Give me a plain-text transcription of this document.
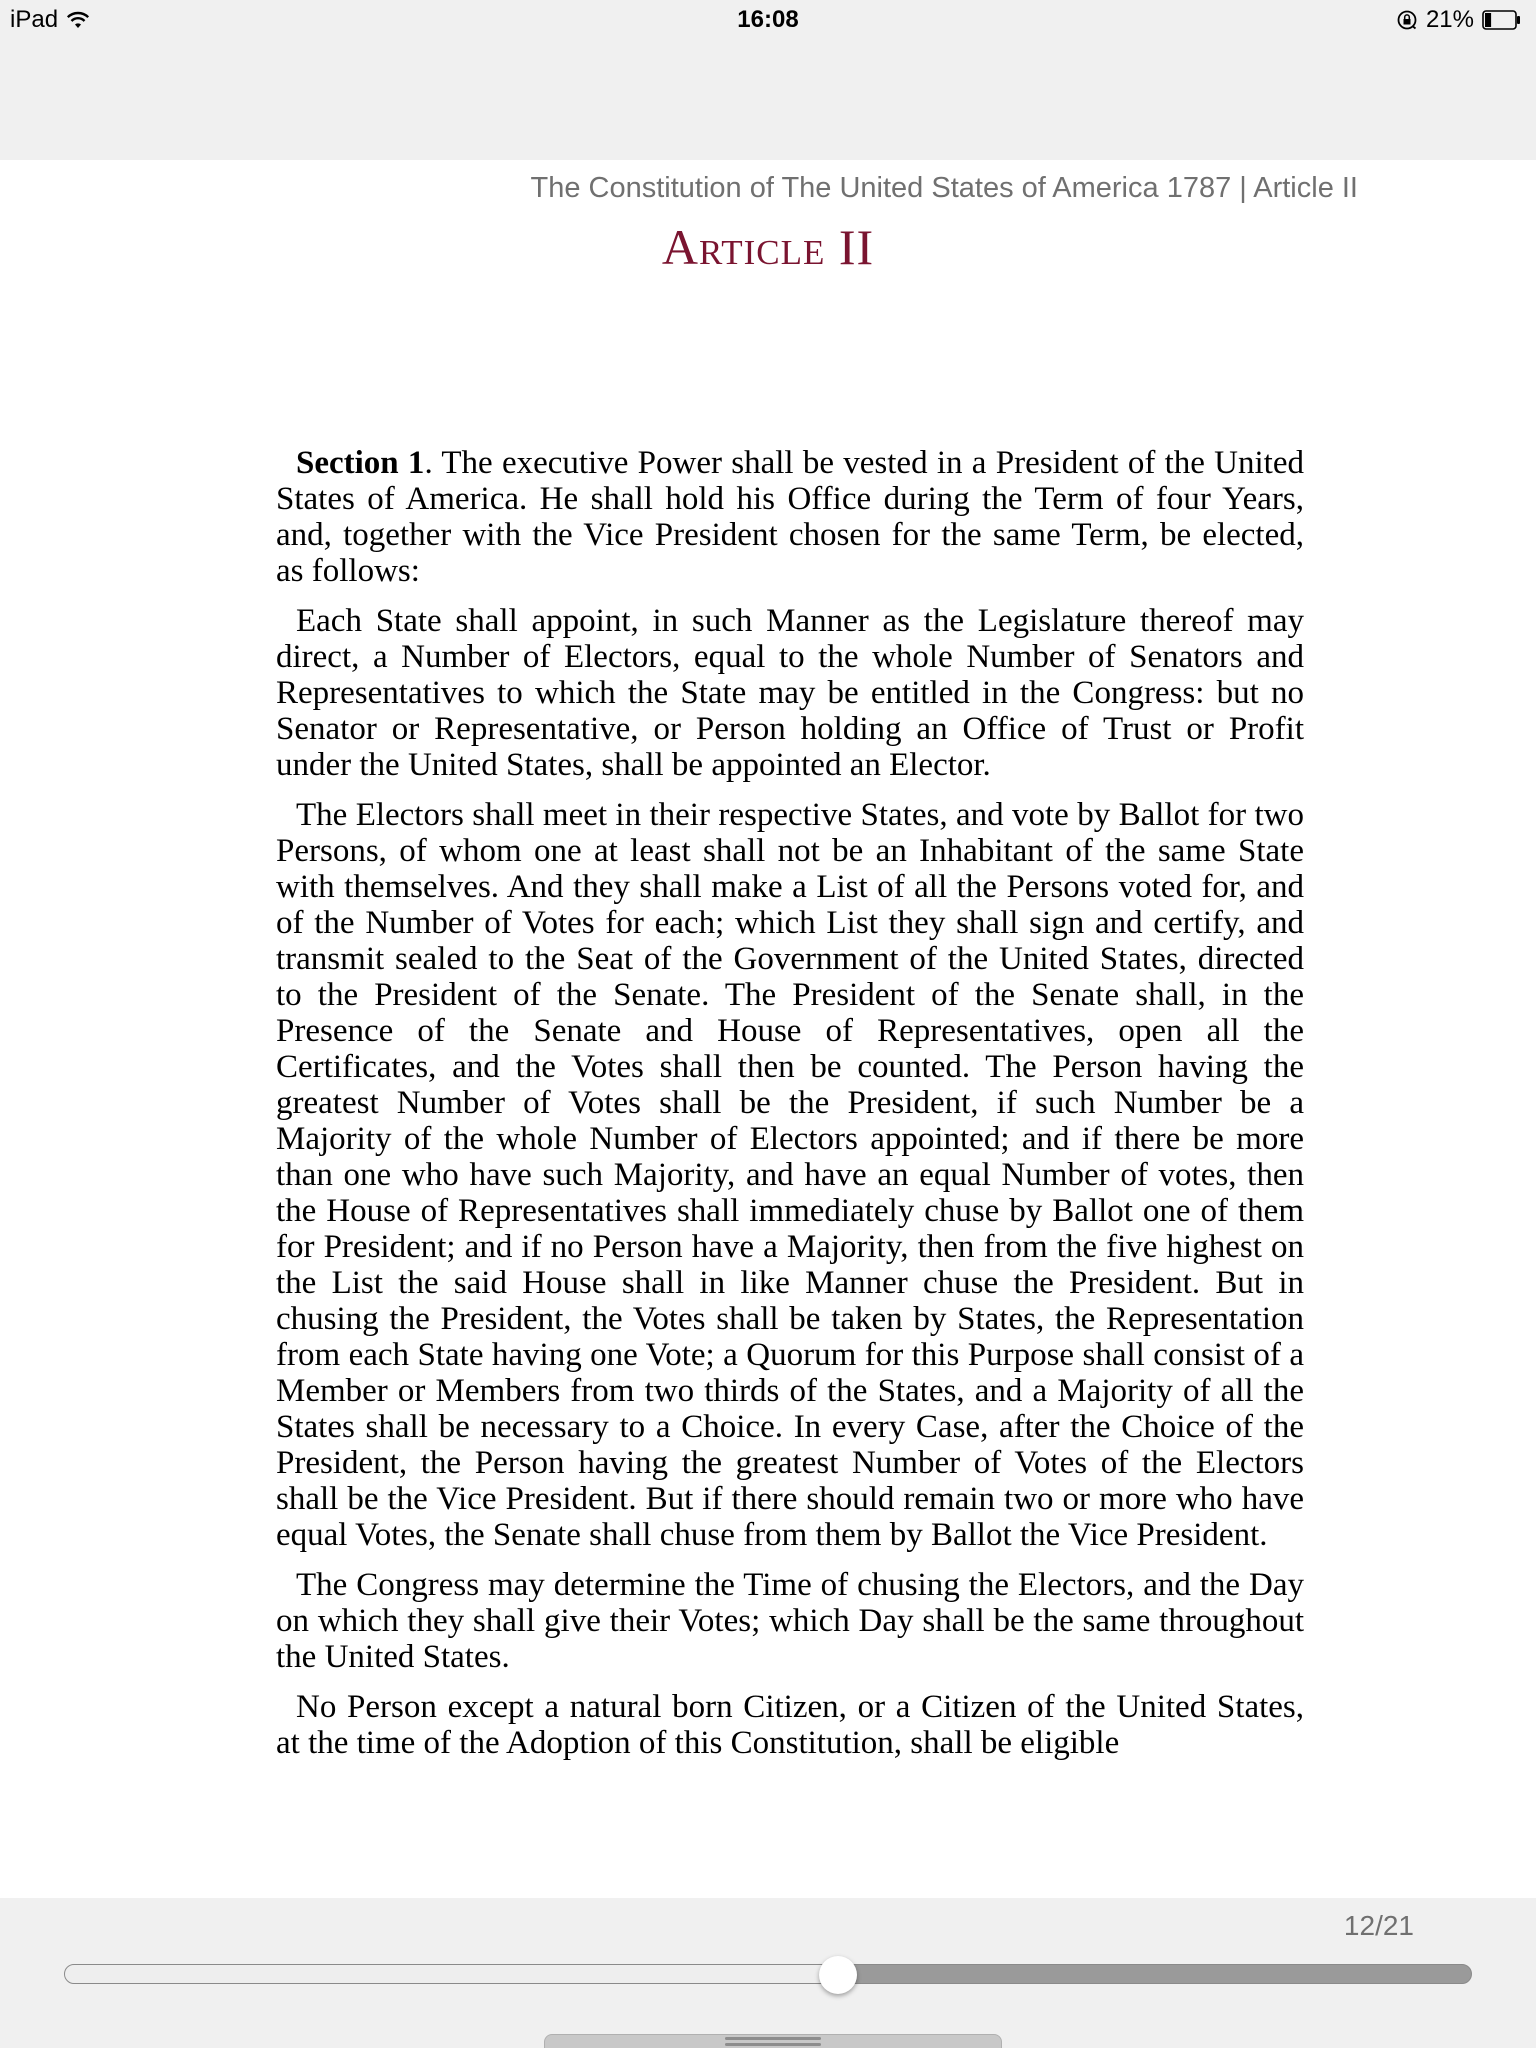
iPad	16:08	21%
The Constitution of The United States of America 1787 | Article II
Article II

Section 1. The executive Power shall be vested in a President of the United States of America. He shall hold his Office during the Term of four Years, and, together with the Vice President chosen for the same Term, be elected, as follows:

Each State shall appoint, in such Manner as the Legislature thereof may direct, a Number of Electors, equal to the whole Number of Senators and Representatives to which the State may be entitled in the Congress: but no Senator or Representative, or Person holding an Office of Trust or Profit under the United States, shall be appointed an Elector.

The Electors shall meet in their respective States, and vote by Ballot for two Persons, of whom one at least shall not be an Inhabitant of the same State with themselves. And they shall make a List of all the Persons voted for, and of the Number of Votes for each; which List they shall sign and certify, and transmit sealed to the Seat of the Government of the United States, directed to the President of the Senate. The President of the Senate shall, in the Presence of the Senate and House of Representatives, open all the Certificates, and the Votes shall then be counted. The Person having the greatest Number of Votes shall be the President, if such Number be a Majority of the whole Number of Electors appointed; and if there be more than one who have such Majority, and have an equal Number of votes, then the House of Representatives shall immediately chuse by Ballot one of them for President; and if no Person have a Majority, then from the five highest on the List the said House shall in like Manner chuse the President. But in chusing the President, the Votes shall be taken by States, the Representation from each State having one Vote; a Quorum for this Purpose shall consist of a Member or Members from two thirds of the States, and a Majority of all the States shall be necessary to a Choice. In every Case, after the Choice of the President, the Person having the greatest Number of Votes of the Electors shall be the Vice President. But if there should remain two or more who have equal Votes, the Senate shall chuse from them by Ballot the Vice President.

The Congress may determine the Time of chusing the Electors, and the Day on which they shall give their Votes; which Day shall be the same throughout the United States.

No Person except a natural born Citizen, or a Citizen of the United States, at the time of the Adoption of this Constitution, shall be eligible

12/21
